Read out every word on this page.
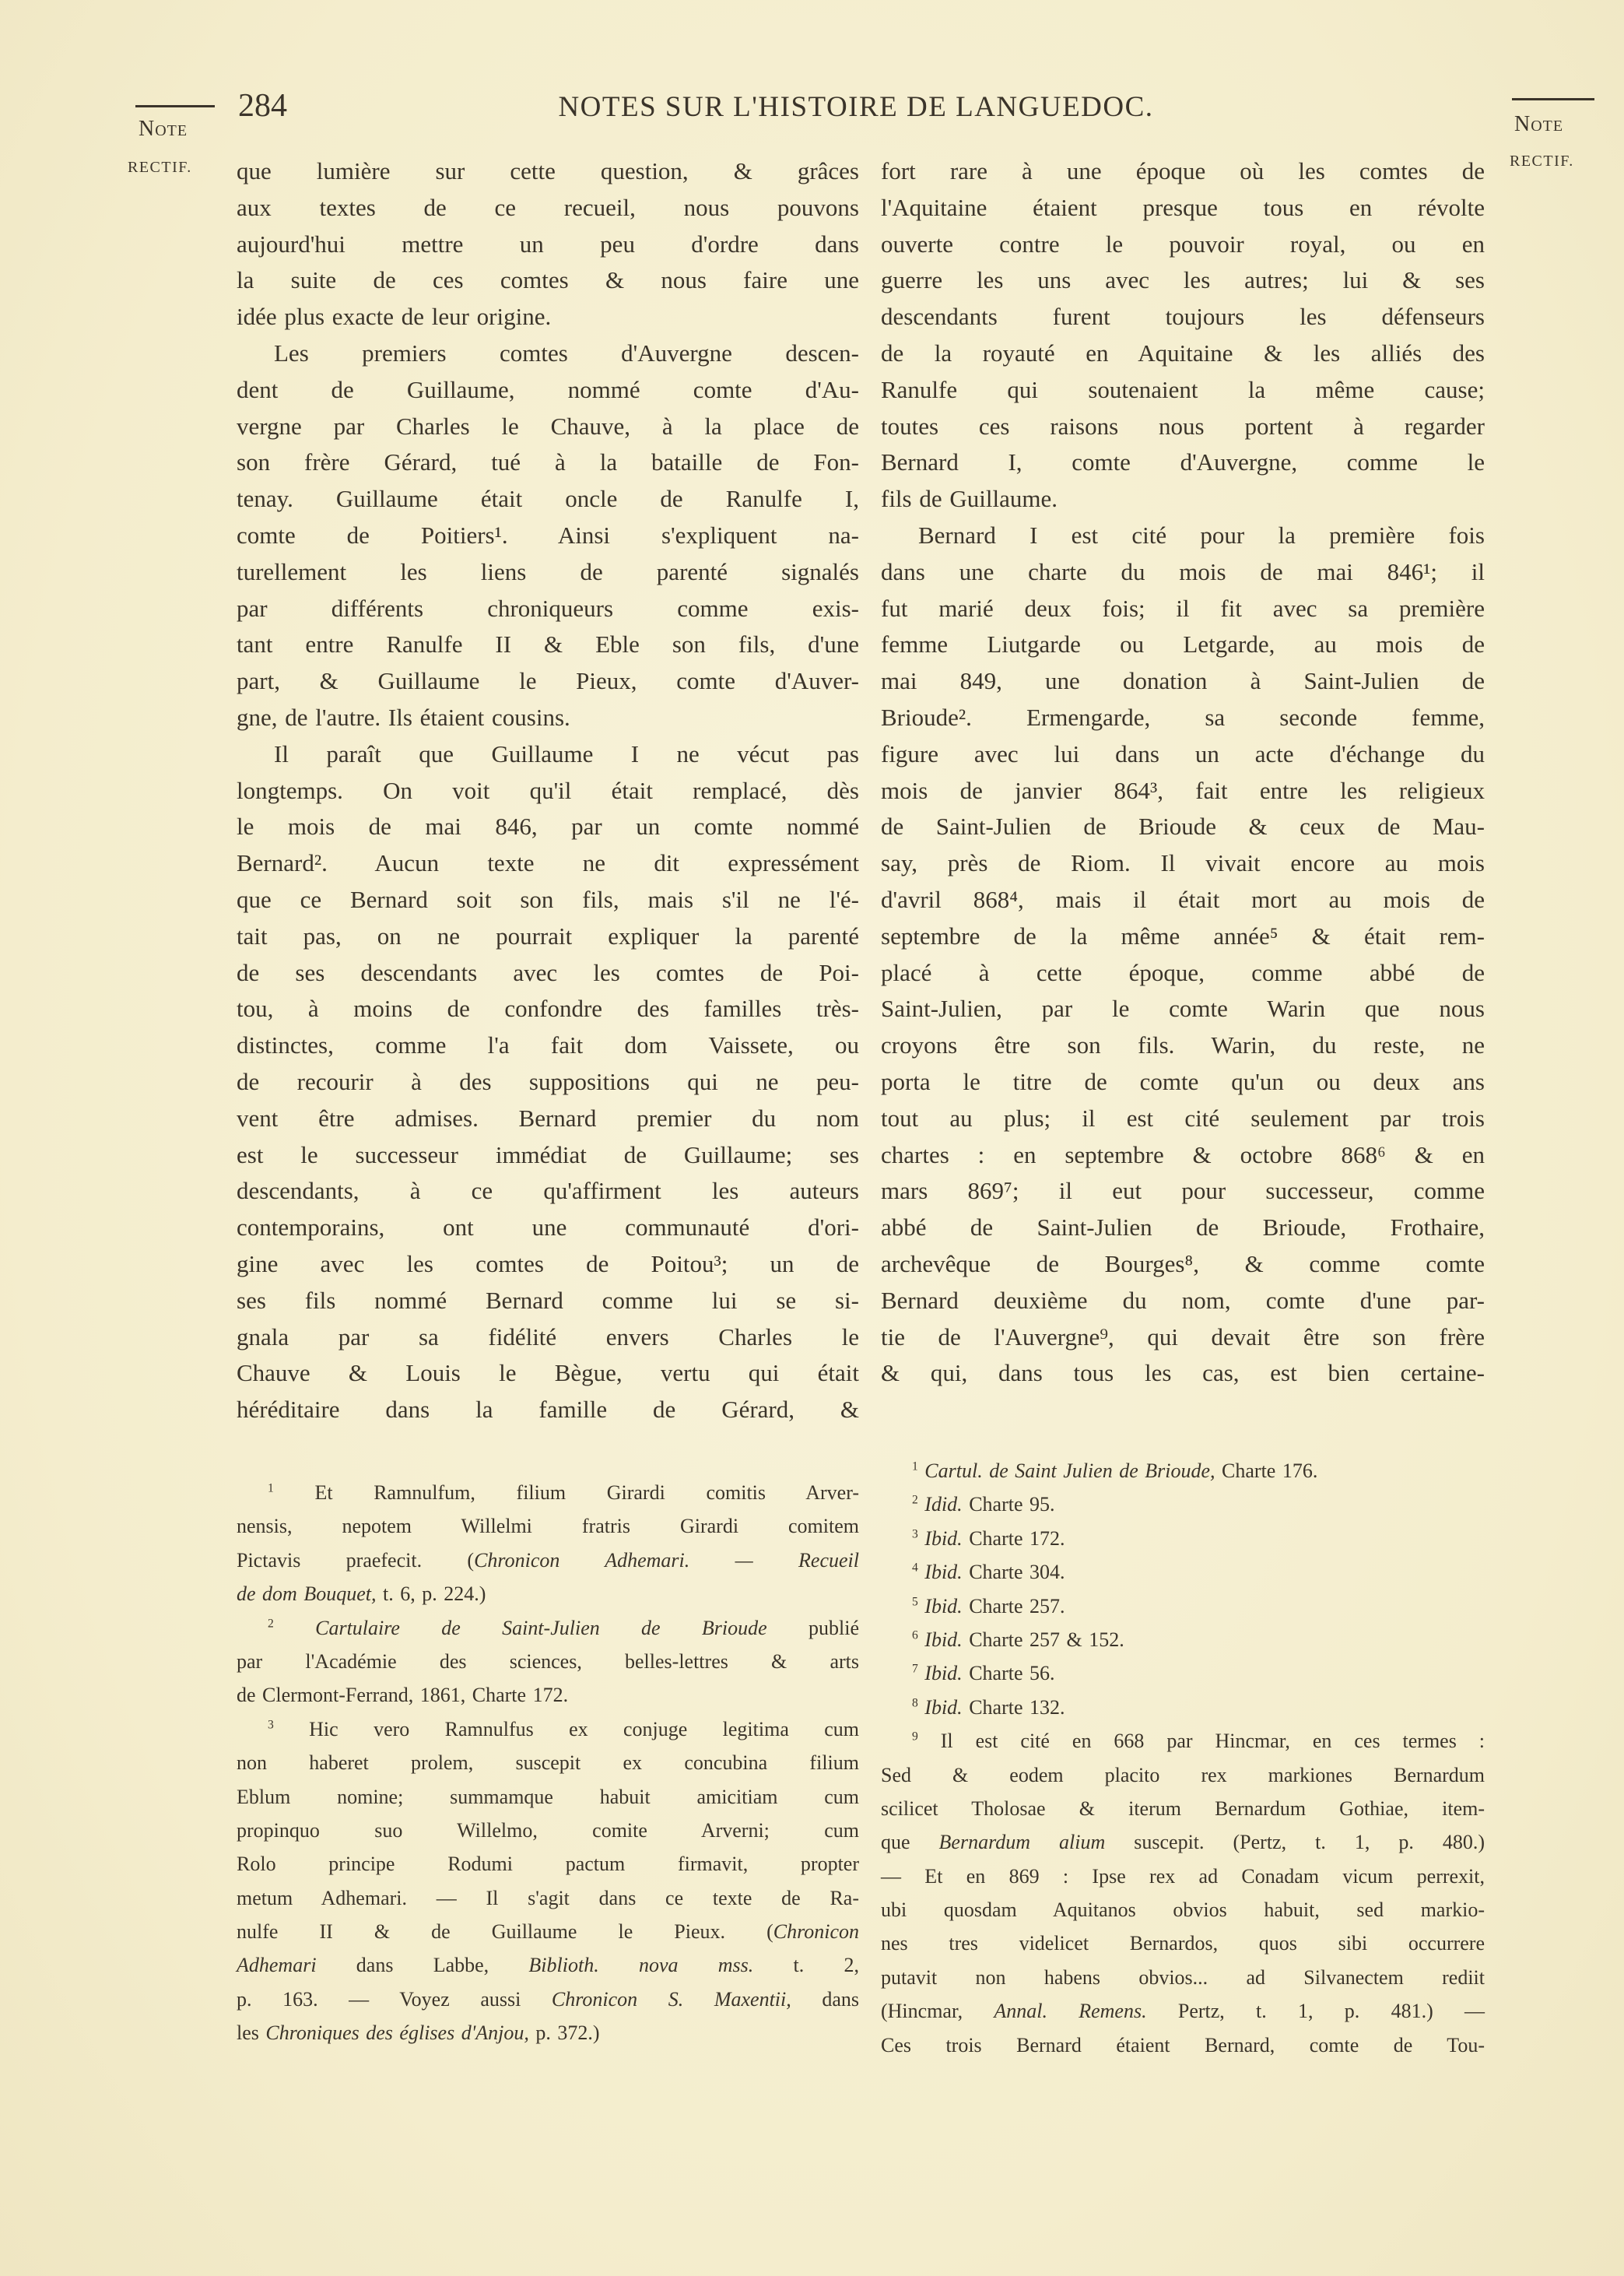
Note
RECTIF.
Note
RECTIF.
284	NOTES SUR L'HISTOIRE DE LANGUEDOC.
que lumière sur cette question, & grâces
aux textes de ce recueil, nous pouvons
aujourd'hui mettre un peu d'ordre dans
la suite de ces comtes & nous faire une
idée plus exacte de leur origine.
Les premiers comtes d'Auvergne descen-
dent de Guillaume, nommé comte d'Au-
vergne par Charles le Chauve, à la place de
son frère Gérard, tué à la bataille de Fon-
tenay. Guillaume était oncle de Ranulfe I,
comte de Poitiers¹. Ainsi s'expliquent na-
turellement les liens de parenté signalés
par différents chroniqueurs comme exis-
tant entre Ranulfe II & Eble son fils, d'une
part, & Guillaume le Pieux, comte d'Auver-
gne, de l'autre. Ils étaient cousins.
Il paraît que Guillaume I ne vécut pas
longtemps. On voit qu'il était remplacé, dès
le mois de mai 846, par un comte nommé
Bernard². Aucun texte ne dit expressément
que ce Bernard soit son fils, mais s'il ne l'é-
tait pas, on ne pourrait expliquer la parenté
de ses descendants avec les comtes de Poi-
tou, à moins de confondre des familles très-
distinctes, comme l'a fait dom Vaissete, ou
de recourir à des suppositions qui ne peu-
vent être admises. Bernard premier du nom
est le successeur immédiat de Guillaume; ses
descendants, à ce qu'affirment les auteurs
contemporains, ont une communauté d'ori-
gine avec les comtes de Poitou³; un de
ses fils nommé Bernard comme lui se si-
gnala par sa fidélité envers Charles le
Chauve & Louis le Bègue, vertu qui était
héréditaire dans la famille de Gérard, &
fort rare à une époque où les comtes de
l'Aquitaine étaient presque tous en révolte
ouverte contre le pouvoir royal, ou en
guerre les uns avec les autres; lui & ses
descendants furent toujours les défenseurs
de la royauté en Aquitaine & les alliés des
Ranulfe qui soutenaient la même cause;
toutes ces raisons nous portent à regarder
Bernard I, comte d'Auvergne, comme le
fils de Guillaume.
Bernard I est cité pour la première fois
dans une charte du mois de mai 846¹; il
fut marié deux fois; il fit avec sa première
femme Liutgarde ou Letgarde, au mois de
mai 849, une donation à Saint-Julien de
Brioude². Ermengarde, sa seconde femme,
figure avec lui dans un acte d'échange du
mois de janvier 864³, fait entre les religieux
de Saint-Julien de Brioude & ceux de Mau-
say, près de Riom. Il vivait encore au mois
d'avril 868⁴, mais il était mort au mois de
septembre de la même année⁵ & était rem-
placé à cette époque, comme abbé de
Saint-Julien, par le comte Warin que nous
croyons être son fils. Warin, du reste, ne
porta le titre de comte qu'un ou deux ans
tout au plus; il est cité seulement par trois
chartes : en septembre & octobre 868⁶ & en
mars 869⁷; il eut pour successeur, comme
abbé de Saint-Julien de Brioude, Frothaire,
archevêque de Bourges⁸, & comme comte
Bernard deuxième du nom, comte d'une par-
tie de l'Auvergne⁹, qui devait être son frère
& qui, dans tous les cas, est bien certaine-
$^1$ Et Ramnulfum, filium Girardi comitis Arver-
nensis, nepotem Willelmi fratris Girardi comitem
Pictavis praefecit. (Chronicon Adhemari. — Recueil
de dom Bouquet, t. 6, p. 224.)
$^2$ Cartulaire de Saint-Julien de Brioude publié
par l'Académie des sciences, belles-lettres & arts
de Clermont-Ferrand, 1861, Charte 172.
$^3$ Hic vero Ramnulfus ex conjuge legitima cum
non haberet prolem, suscepit ex concubina filium
Eblum nomine; summamque habuit amicitiam cum
propinquo suo Willelmo, comite Arverni; cum
Rolo principe Rodumi pactum firmavit, propter
metum Adhemari. — Il s'agit dans ce texte de Ra-
nulfe II & de Guillaume le Pieux. (Chronicon
Adhemari dans Labbe, Biblioth. nova mss. t. 2,
p. 163. — Voyez aussi Chronicon S. Maxentii, dans
les Chroniques des églises d'Anjou, p. 372.)
$^1$ Cartul. de Saint Julien de Brioude, Charte 176.
$^2$ Idid. Charte 95.
$^3$ Ibid. Charte 172.
$^4$ Ibid. Charte 304.
$^5$ Ibid. Charte 257.
$^6$ Ibid. Charte 257 & 152.
$^7$ Ibid. Charte 56.
$^8$ Ibid. Charte 132.
$^9$ Il est cité en 668 par Hincmar, en ces termes :
Sed & eodem placito rex markiones Bernardum
scilicet Tholosae & iterum Bernardum Gothiae, item-
que Bernardum alium suscepit. (Pertz, t. 1, p. 480.)
— Et en 869 : Ipse rex ad Conadam vicum perrexit,
ubi quosdam Aquitanos obvios habuit, sed markio-
nes tres videlicet Bernardos, quos sibi occurrere
putavit non habens obvios... ad Silvanectem rediit
(Hincmar, Annal. Remens. Pertz, t. 1, p. 481.) —
Ces trois Bernard étaient Bernard, comte de Tou-
